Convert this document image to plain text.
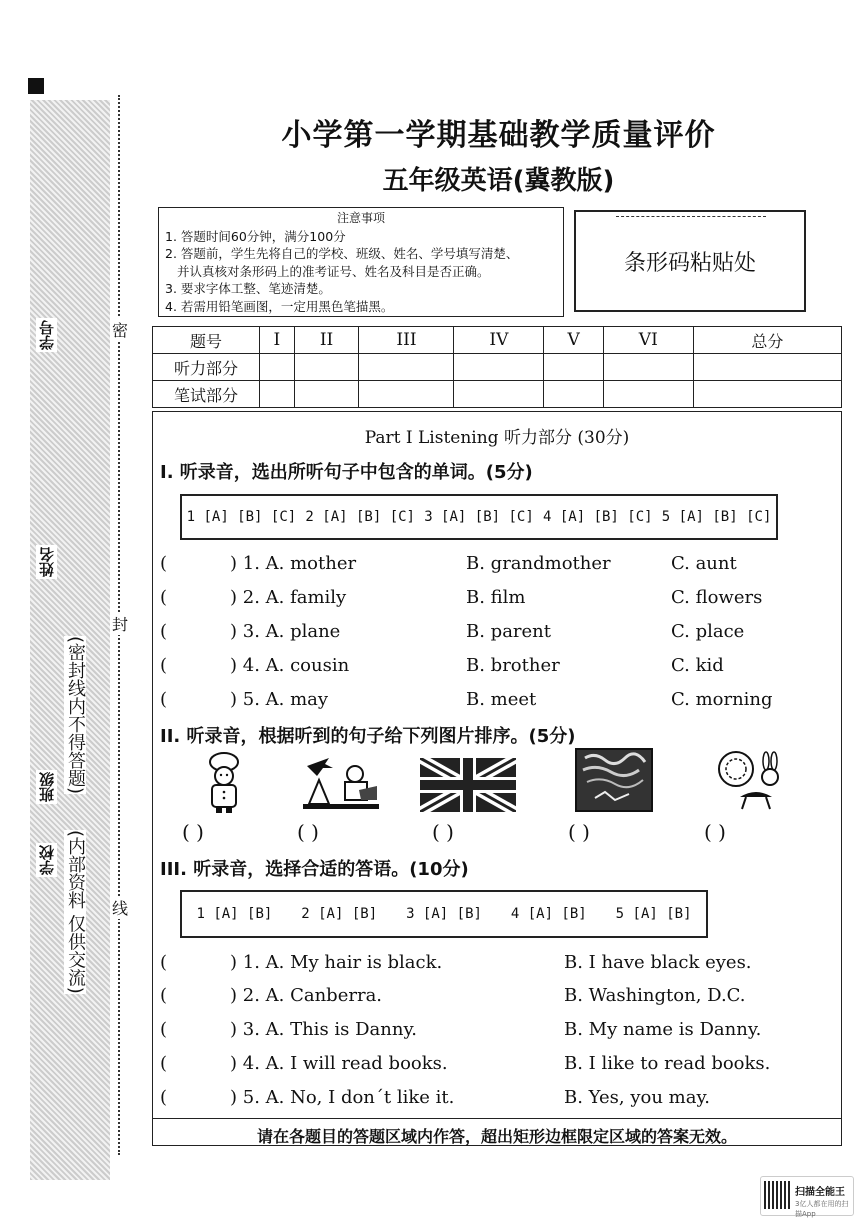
学号
姓名
班级
学校
(密封线内不得答题)
(内部资料 仅供交流)
密
封
线
小学第一学期基础教学质量评价
五年级英语(冀教版)
注意事项
1. 答题时间60分钟，满分100分
2. 答题前，学生先将自己的学校、班级、姓名、学号填写清楚、
并认真核对条形码上的准考证号、姓名及科目是否正确。
3. 要求字体工整、笔迹清楚。
4. 若需用铅笔画图，一定用黑色笔描黑。
条形码粘贴处
题号	I	II	III	IV	V	VI	总分
听力部分							
笔试部分							
Part I Listening 听力部分 (30分)
I. 听录音，选出所听句子中包含的单词。(5分)
1 [A] [B] [C] 2 [A] [B] [C] 3 [A] [B] [C] 4 [A] [B] [C] 5 [A] [B] [C]
(	) 1. A. mother	B. grandmother	C. aunt
(	) 2. A. family	B. film	C. flowers
(	) 3. A. plane	B. parent	C. place
(	) 4. A. cousin	B. brother	C. kid
(	) 5. A. may	B. meet	C. morning
II. 听录音，根据听到的句子给下列图片排序。(5分)
( )	( )	( )	( )	( )
III. 听录音，选择合适的答语。(10分)
1 [A] [B] 2 [A] [B] 3 [A] [B] 4 [A] [B] 5 [A] [B]
(	) 1. A. My hair is black.	B. I have black eyes.
(	) 2. A. Canberra.	B. Washington, D.C.
(	) 3. A. This is Danny.	B. My name is Danny.
(	) 4. A. I will read books.	B. I like to read books.
(	) 5. A. No, I don´t like it.	B. Yes, you may.
请在各题目的答题区域内作答，超出矩形边框限定区域的答案无效。
扫描全能王
3亿人都在用的扫描App
